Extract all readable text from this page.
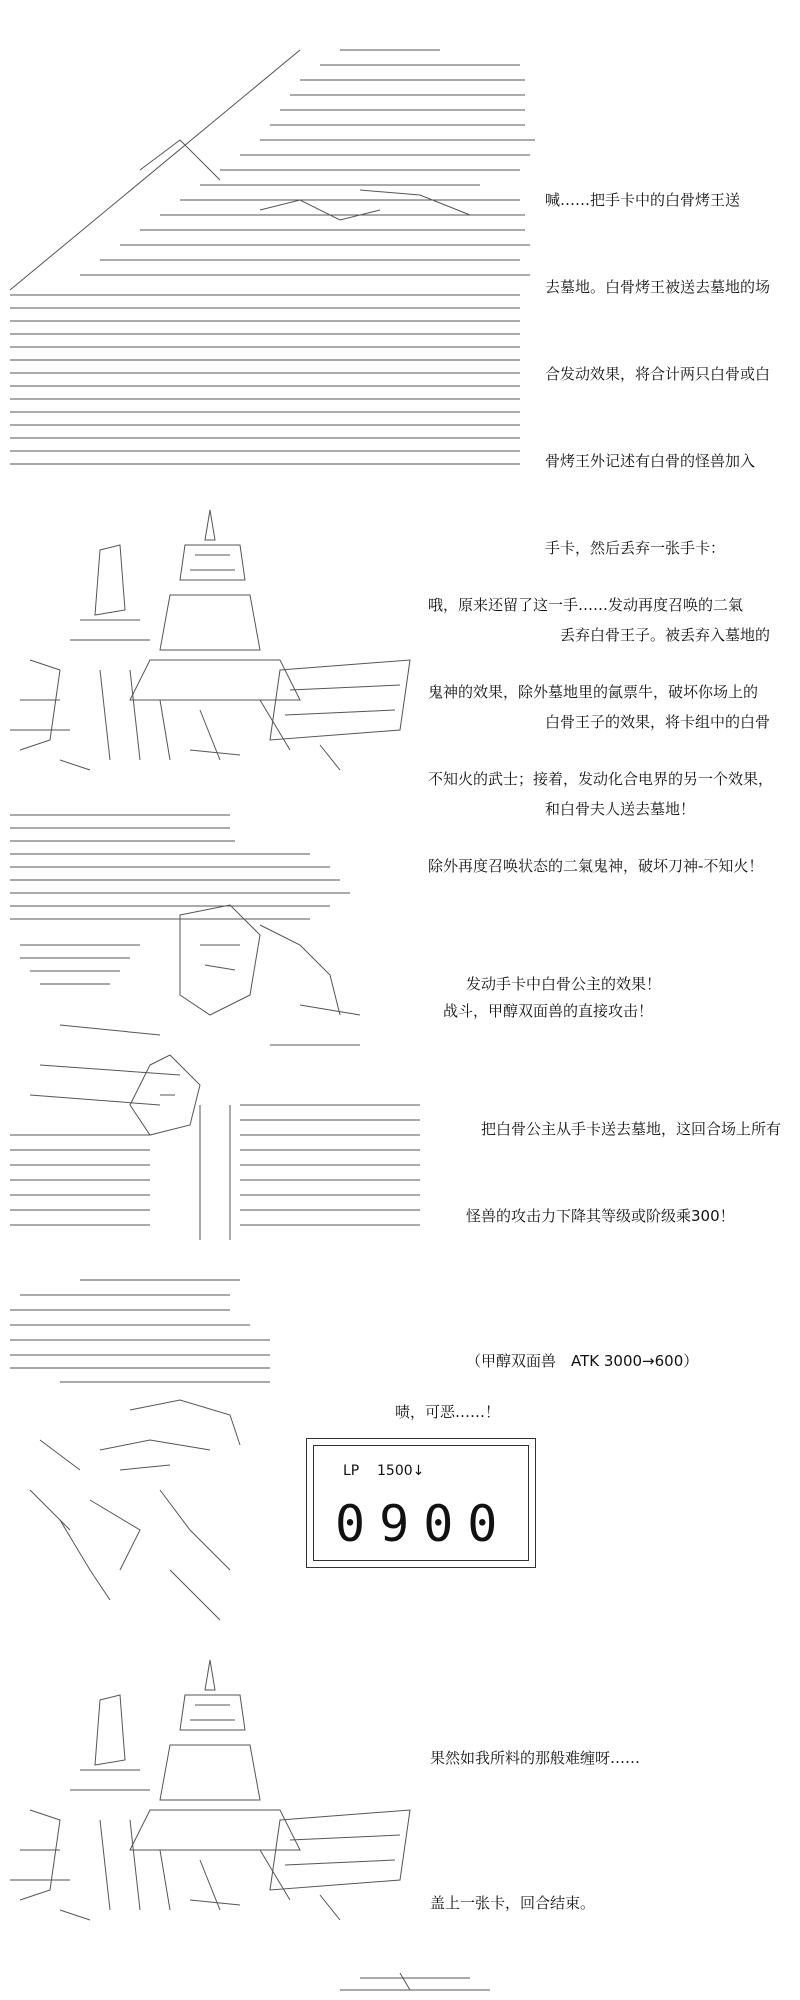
喊……把手卡中的白骨烤王送

去墓地。白骨烤王被送去墓地的场

合发动效果，将合计两只白骨或白

骨烤王外记述有白骨的怪兽加入

手卡，然后丢弃一张手卡：

　丢弃白骨王子。被丢弃入墓地的

白骨王子的效果，将卡组中的白骨

和白骨夫人送去墓地！

哦，原来还留了这一手……发动再度召唤的二氣

鬼神的效果，除外墓地里的氤票牛，破坏你场上的

不知火的武士；接着，发动化合电界的另一个效果，

除外再度召唤状态的二氣鬼神，破坏刀神-不知火！

　战斗，甲醇双面兽的直接攻击！

发动手卡中白骨公主的效果！

　把白骨公主从手卡送去墓地，这回合场上所有

怪兽的攻击力下降其等级或阶级乘300！

（甲醇双面兽　ATK 3000→600）

啧，可恶……！

LP 1500↓
0900

果然如我所料的那般难缠呀……

盖上一张卡，回合结束。
